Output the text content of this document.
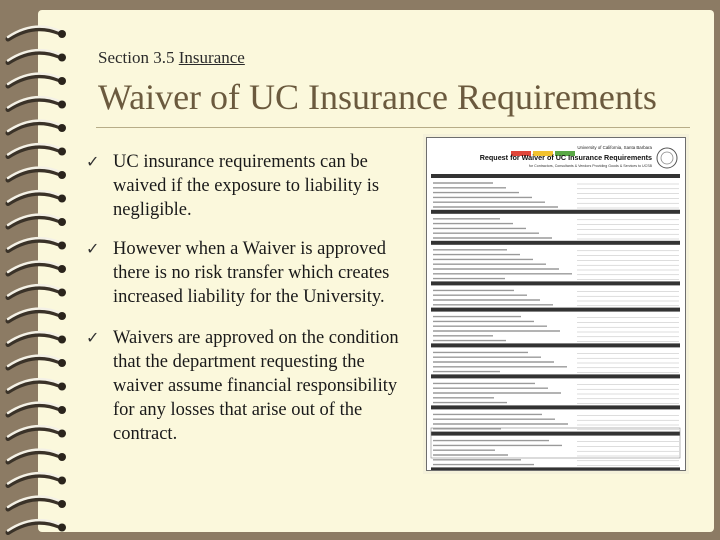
Section 3.5 Insurance
Waiver of UC Insurance Requirements
✓ UC insurance requirements can be waived if the exposure to liability is negligible.
✓ However when a Waiver is approved there is no risk transfer which creates increased liability for the University.
✓ Waivers are approved on the condition that the department requesting the waiver assume financial responsibility for any losses that arise out of the contract.
University of California, Santa Barbara
Request for Waiver of UC Insurance Requirements
for Contractors, Consultants & Vendors Providing Goods & Services to UCSB
